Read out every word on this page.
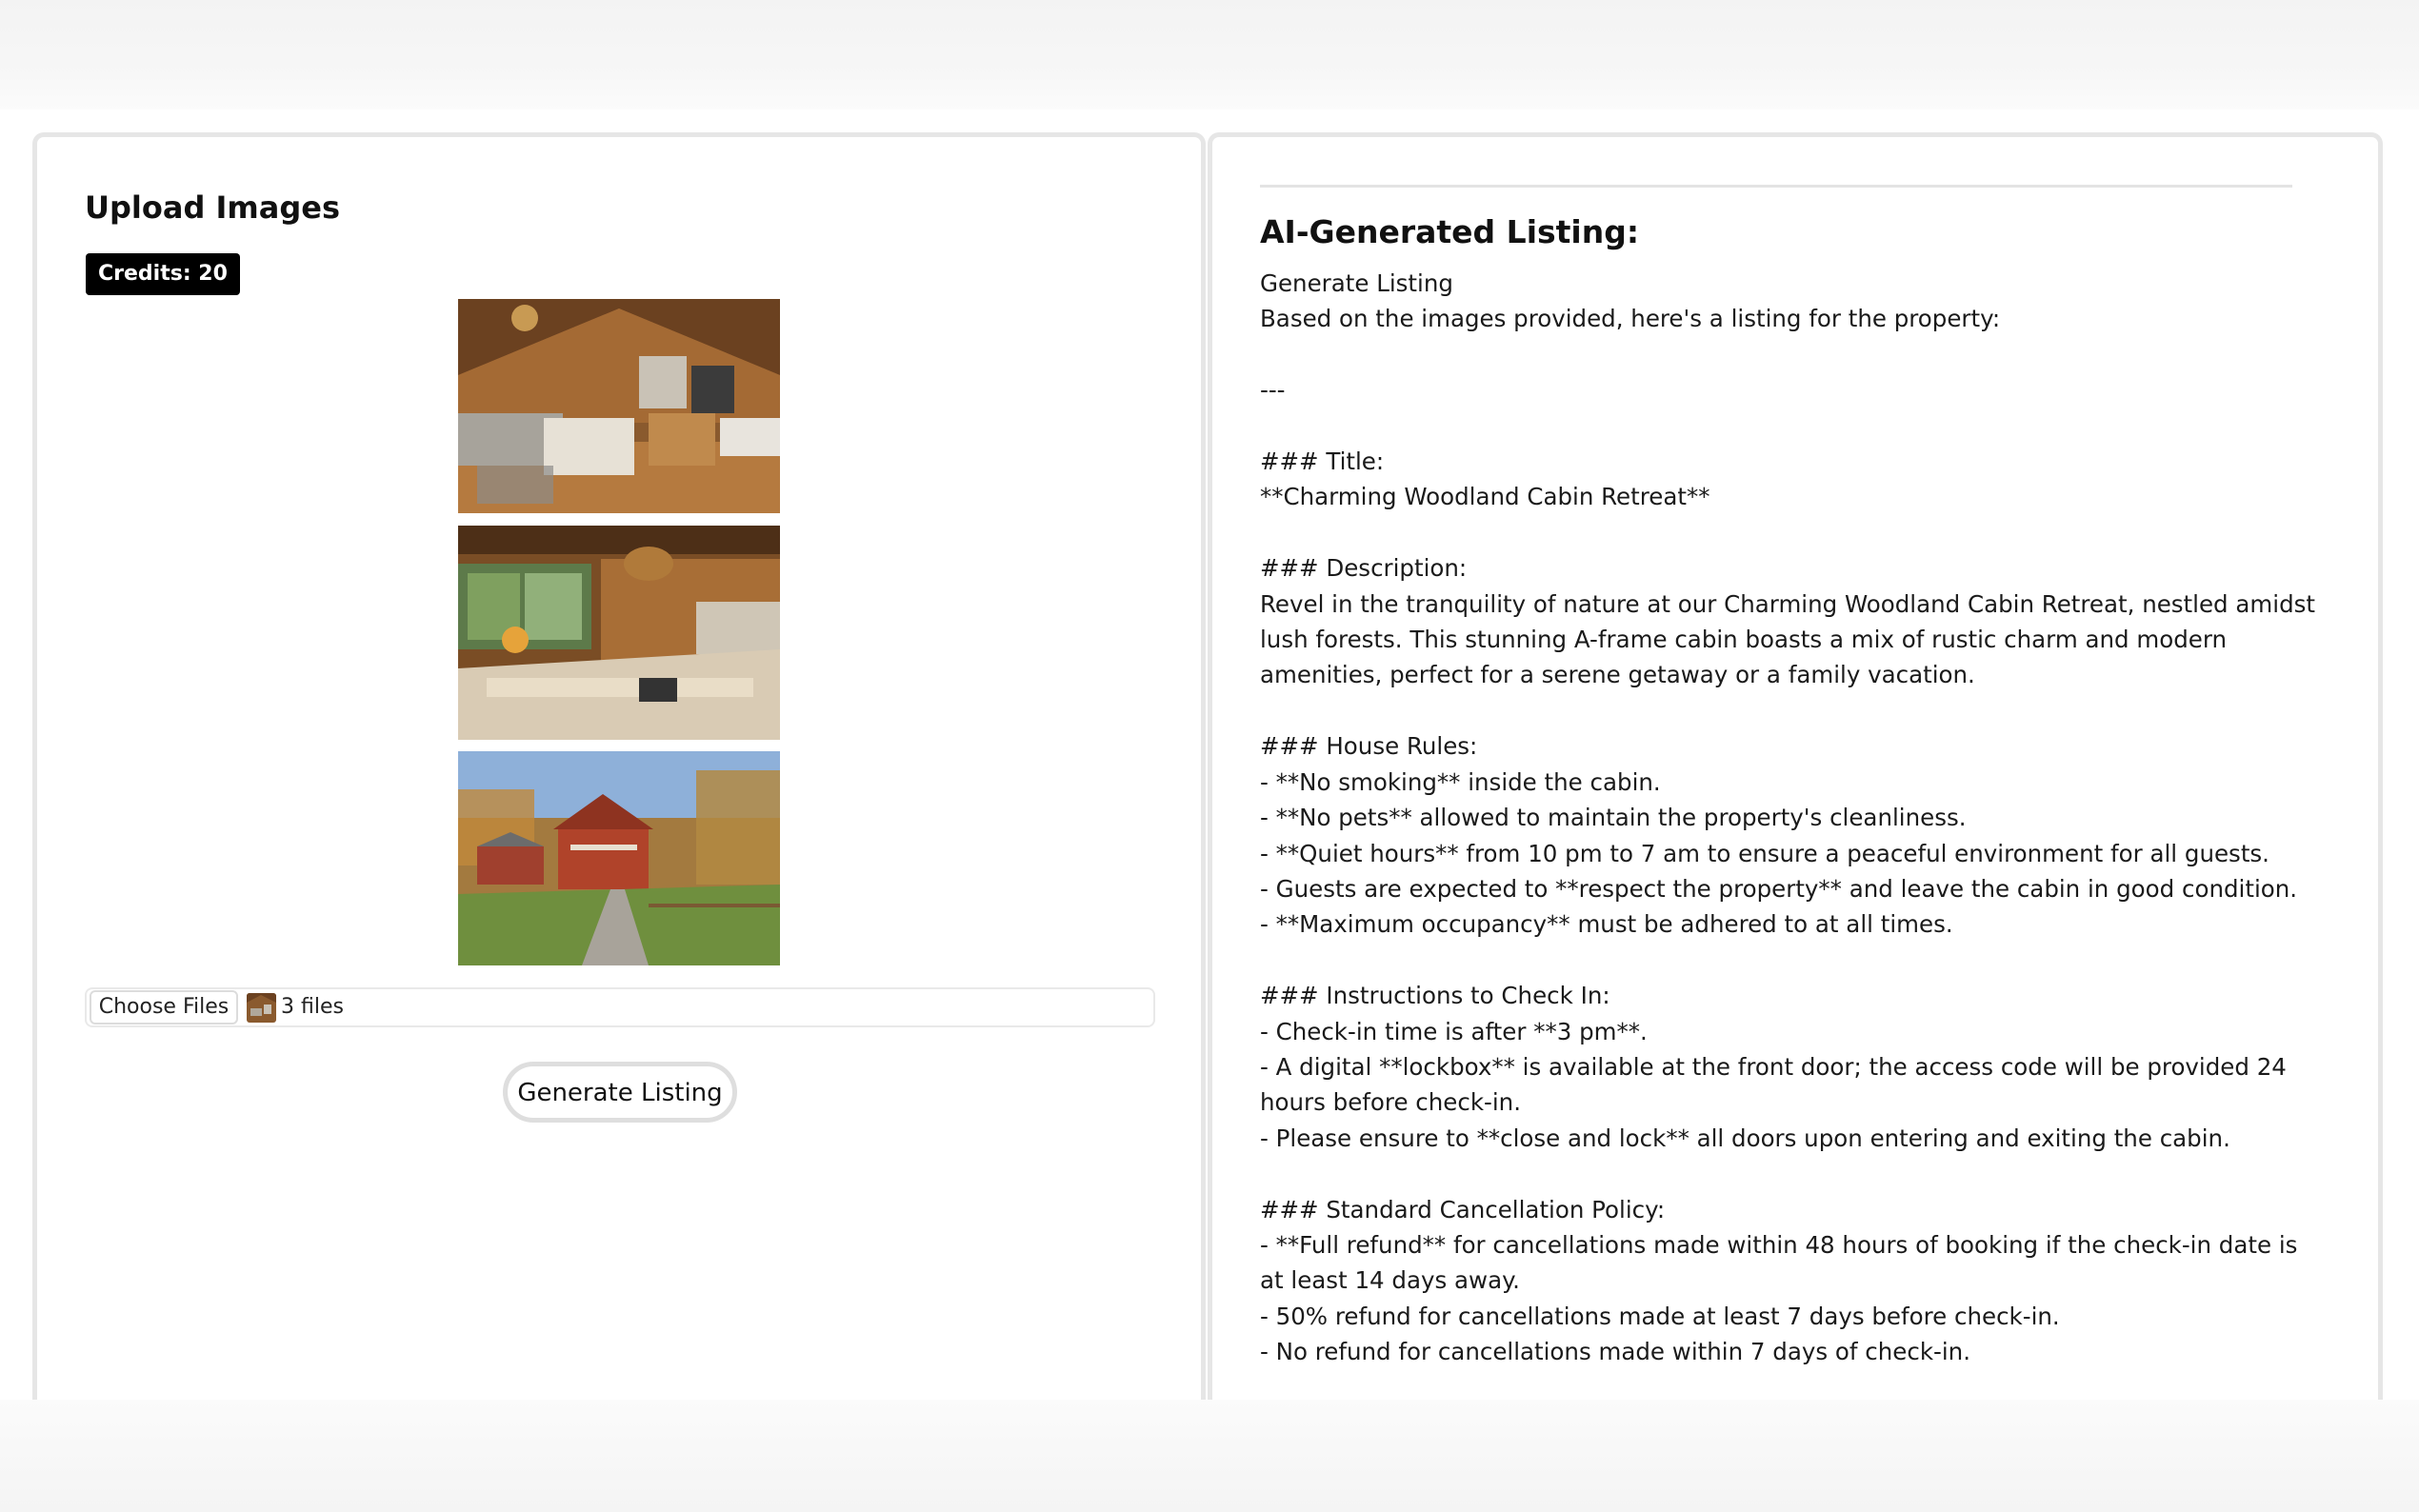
Upload Images
Credits: 20
Choose Files	3 files
Generate Listing
AI-Generated Listing:
Generate Listing
Based on the images provided, here's a listing for the property:

---

### Title:
**Charming Woodland Cabin Retreat**

### Description:
Revel in the tranquility of nature at our Charming Woodland Cabin Retreat, nestled amidst lush forests. This stunning A-frame cabin boasts a mix of rustic charm and modern amenities, perfect for a serene getaway or a family vacation.

### House Rules:
- **No smoking** inside the cabin.
- **No pets** allowed to maintain the property's cleanliness.
- **Quiet hours** from 10 pm to 7 am to ensure a peaceful environment for all guests.
- Guests are expected to **respect the property** and leave the cabin in good condition.
- **Maximum occupancy** must be adhered to at all times.

### Instructions to Check In:
- Check-in time is after **3 pm**.
- A digital **lockbox** is available at the front door; the access code will be provided 24 hours before check-in.
- Please ensure to **close and lock** all doors upon entering and exiting the cabin.

### Standard Cancellation Policy:
- **Full refund** for cancellations made within 48 hours of booking if the check-in date is at least 14 days away.
- 50% refund for cancellations made at least 7 days before check-in.
- No refund for cancellations made within 7 days of check-in.
